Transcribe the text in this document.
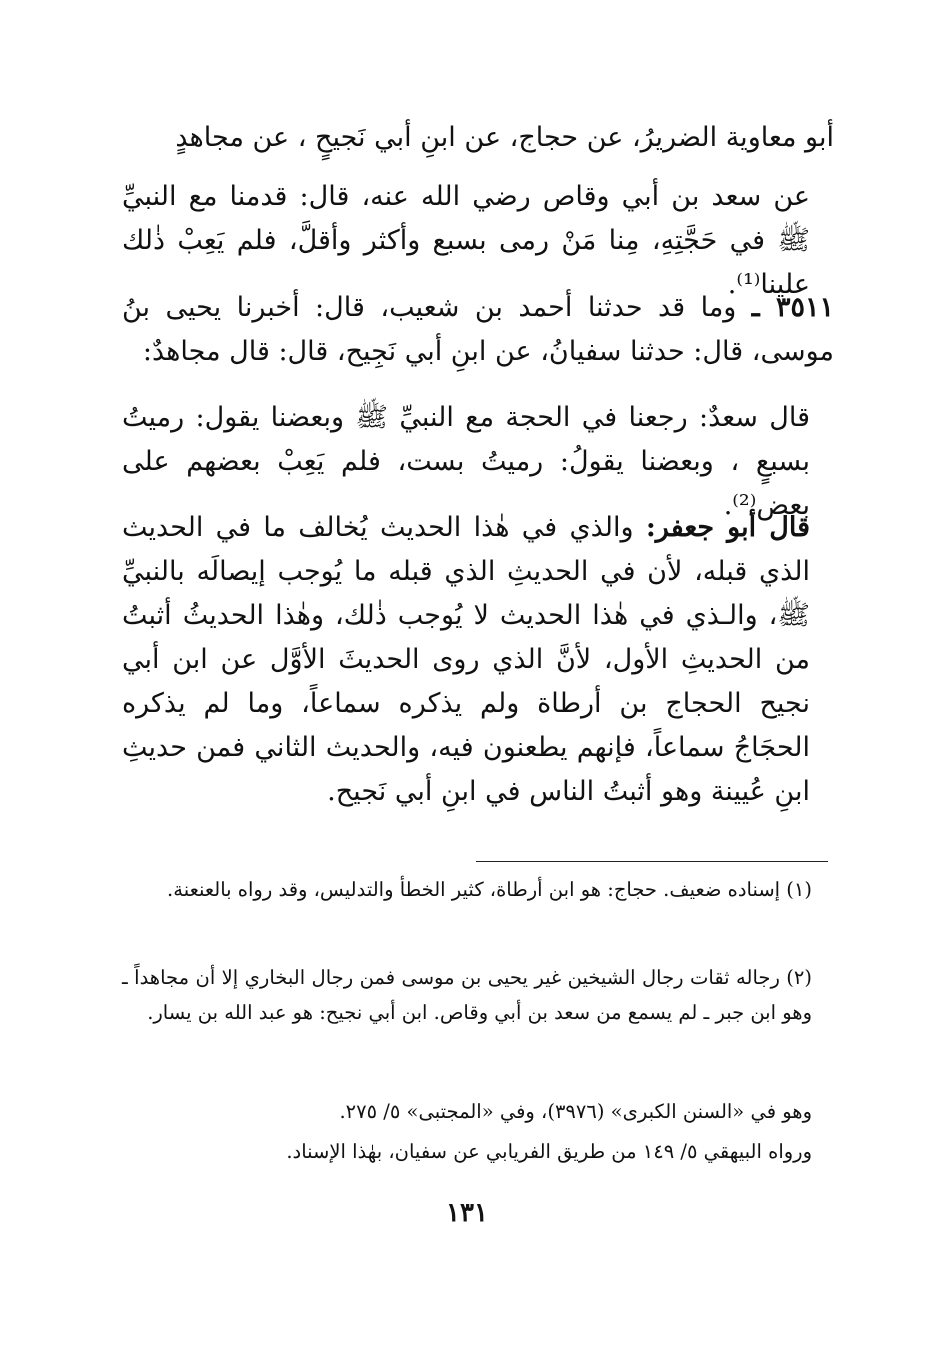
أبو معاوية الضريرُ، عن حجاج، عن ابنِ أبي نَجيحٍ ، عن مجاهدٍ

عن سعد بن أبي وقاص رضي الله عنه، قال: قدمنا مع النبيِّ ﷺ في حَجَّتِهِ، مِنا مَنْ رمى بسبع وأكثر وأقلَّ، فلم يَعِبْ ذٰلك علينا⁽¹⁾.

٣٥١١ ـ وما قد حدثنا أحمد بن شعيب، قال: أخبرنا يحيى بنُ موسى، قال: حدثنا سفيانُ، عن ابنِ أبي نَجِيح، قال: قال مجاهدٌ:

قال سعدٌ: رجعنا في الحجة مع النبيِّ ﷺ وبعضنا يقول: رميتُ بسبعٍ ، وبعضنا يقولُ: رميتُ بست، فلم يَعِبْ بعضهم على بعض⁽²⁾.

قال أبو جعفر: والذي في هٰذا الحديث يُخالف ما في الحديث الذي قبله، لأن في الحديثِ الذي قبله ما يُوجب إيصالَه بالنبيِّ ﷺ، والـذي في هٰذا الحديث لا يُوجب ذٰلك، وهٰذا الحديثُ أثبتُ من الحديثِ الأول، لأنَّ الذي روى الحديثَ الأوَّل عن ابن أبي نجيح الحجاج بن أرطاة ولم يذكره سماعاً، وما لم يذكره الحجَاجُ سماعاً، فإنهم يطعنون فيه، والحديث الثاني فمن حديثِ ابنِ عُيينة وهو أثبتُ الناس في ابنِ أبي نَجيح.

(١) إسناده ضعيف. حجاج: هو ابن أرطاة، كثير الخطأ والتدليس، وقد رواه بالعنعنة.

(٢) رجاله ثقات رجال الشيخين غير يحيى بن موسى فمن رجال البخاري إلا أن مجاهداً ـ وهو ابن جبر ـ لم يسمع من سعد بن أبي وقاص. ابن أبي نجيح: هو عبد الله بن يسار.

وهو في «السنن الكبرى» (٣٩٧٦)، وفي «المجتبى» ٥/ ٢٧٥.

ورواه البيهقي ٥/ ١٤٩ من طريق الفريابي عن سفيان، بهٰذا الإسناد.

١٣١
